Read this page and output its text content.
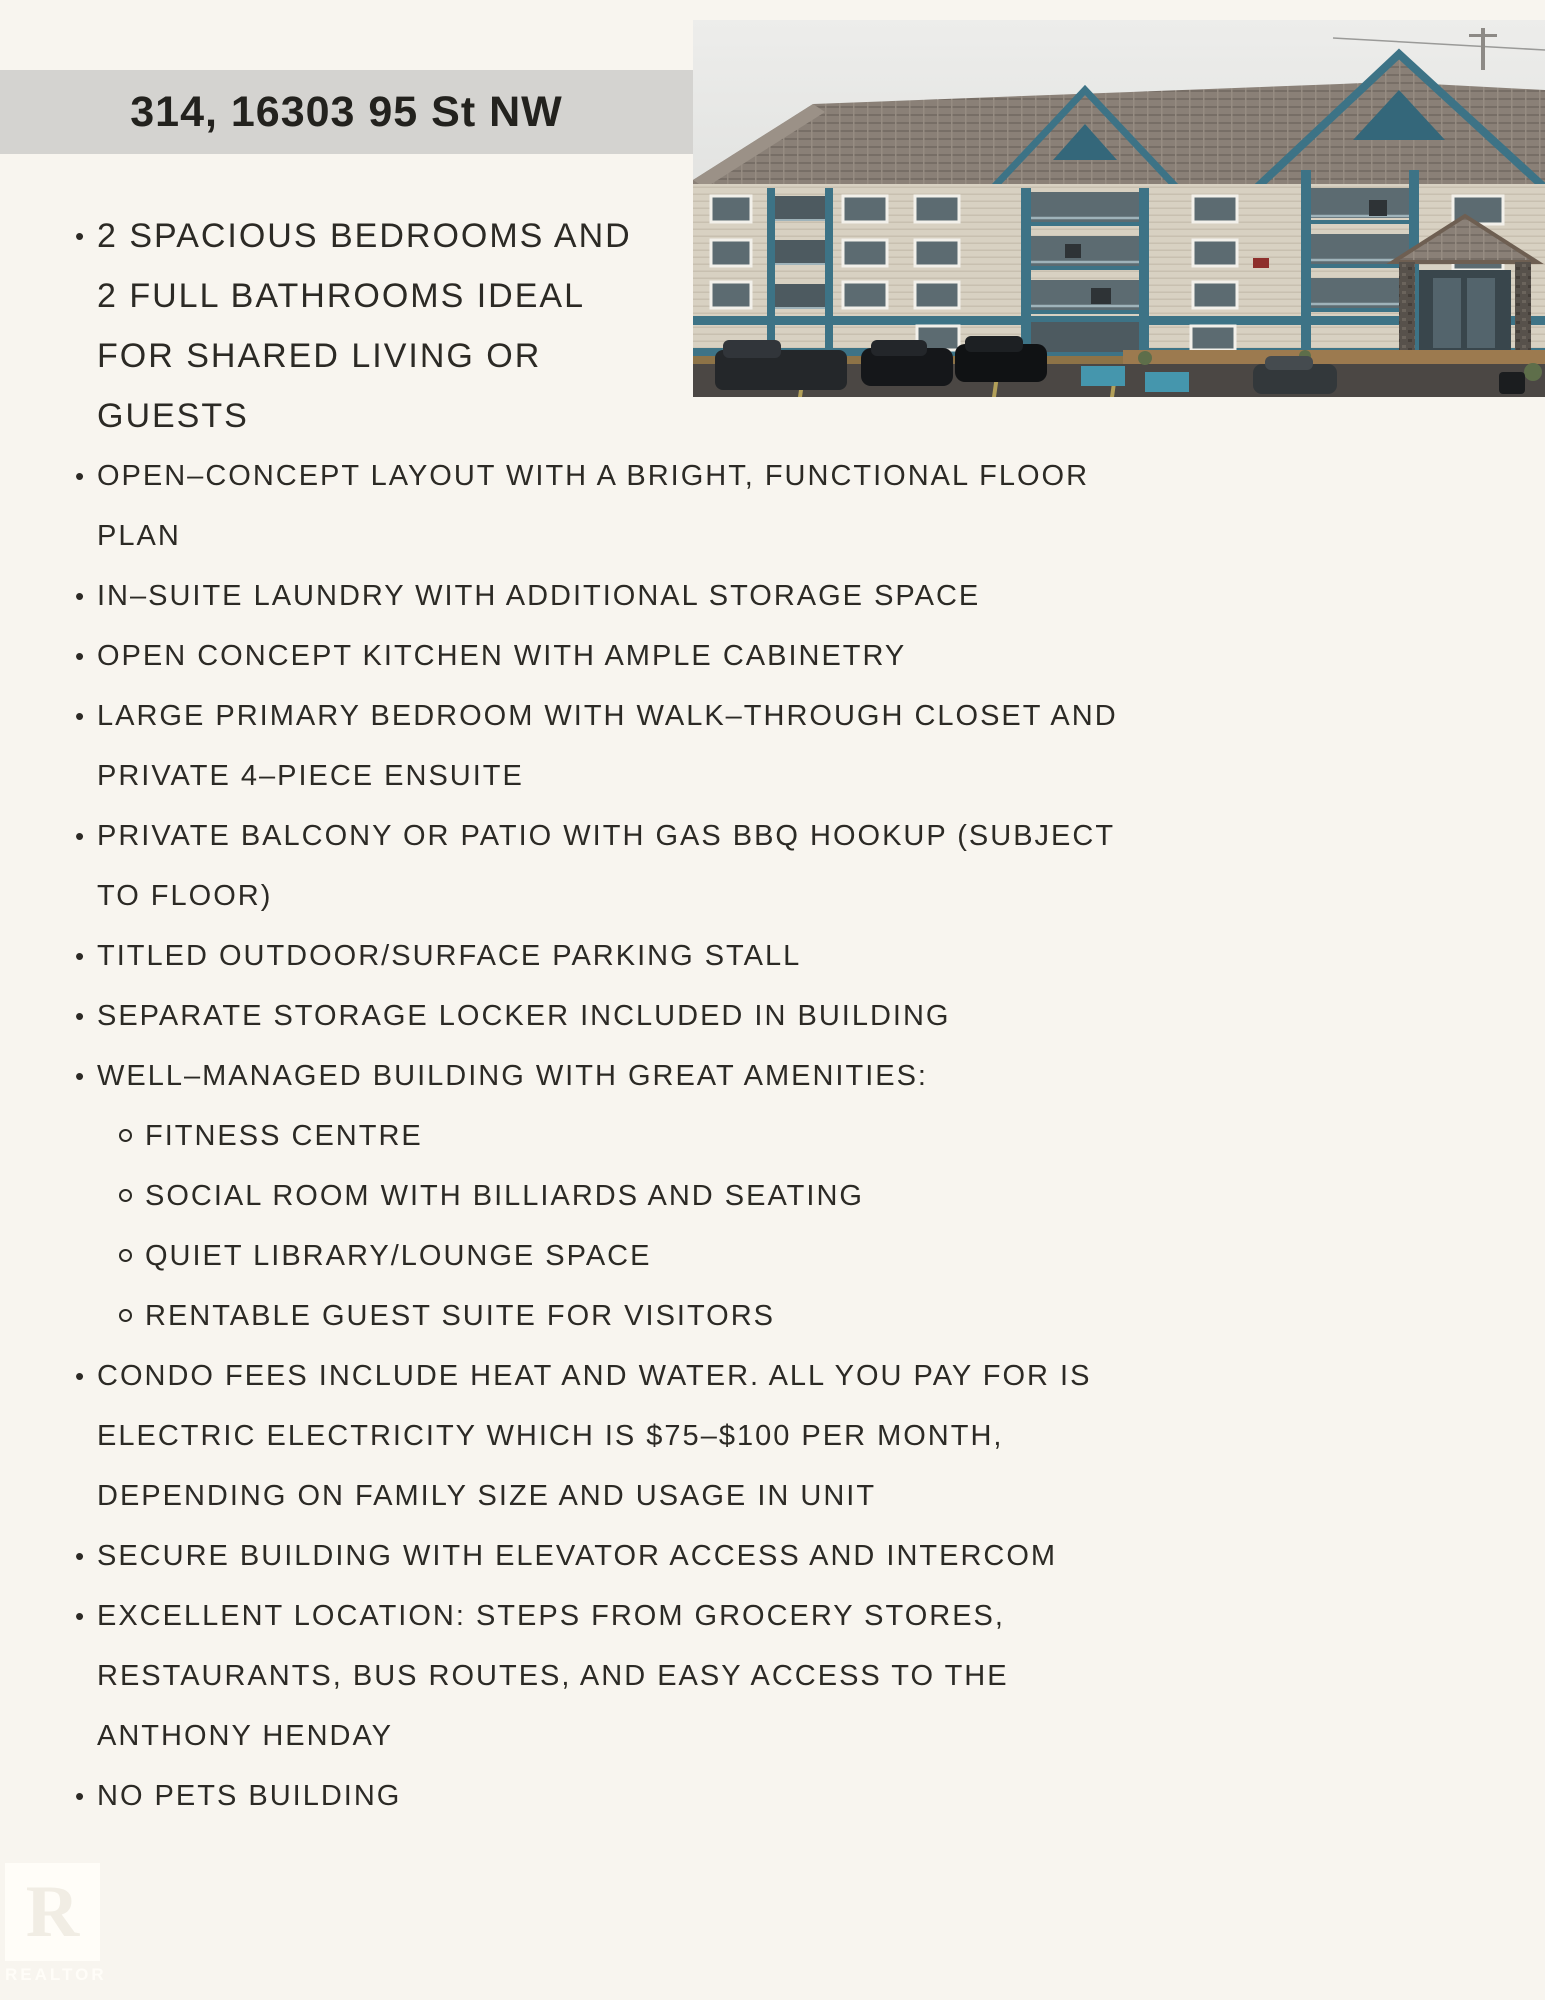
314, 16303 95 St NW
• 2 SPACIOUS BEDROOMS AND 2 FULL BATHROOMS IDEAL FOR SHARED LIVING OR GUESTS
• OPEN–CONCEPT LAYOUT WITH A BRIGHT, FUNCTIONAL FLOOR PLAN
• IN–SUITE LAUNDRY WITH ADDITIONAL STORAGE SPACE
• OPEN CONCEPT KITCHEN WITH AMPLE CABINETRY
• LARGE PRIMARY BEDROOM WITH WALK–THROUGH CLOSET AND PRIVATE 4–PIECE ENSUITE
• PRIVATE BALCONY OR PATIO WITH GAS BBQ HOOKUP (SUBJECT TO FLOOR)
• TITLED OUTDOOR/SURFACE PARKING STALL
• SEPARATE STORAGE LOCKER INCLUDED IN BUILDING
• WELL–MANAGED BUILDING WITH GREAT AMENITIES:
FITNESS CENTRE
SOCIAL ROOM WITH BILLIARDS AND SEATING
QUIET LIBRARY/LOUNGE SPACE
RENTABLE GUEST SUITE FOR VISITORS
• CONDO FEES INCLUDE HEAT AND WATER. ALL YOU PAY FOR IS ELECTRIC ELECTRICITY WHICH IS $75–$100 PER MONTH, DEPENDING ON FAMILY SIZE AND USAGE IN UNIT
• SECURE BUILDING WITH ELEVATOR ACCESS AND INTERCOM
• EXCELLENT LOCATION: STEPS FROM GROCERY STORES, RESTAURANTS, BUS ROUTES, AND EASY ACCESS TO THE ANTHONY HENDAY
• NO PETS BUILDING
R
REALTOR
